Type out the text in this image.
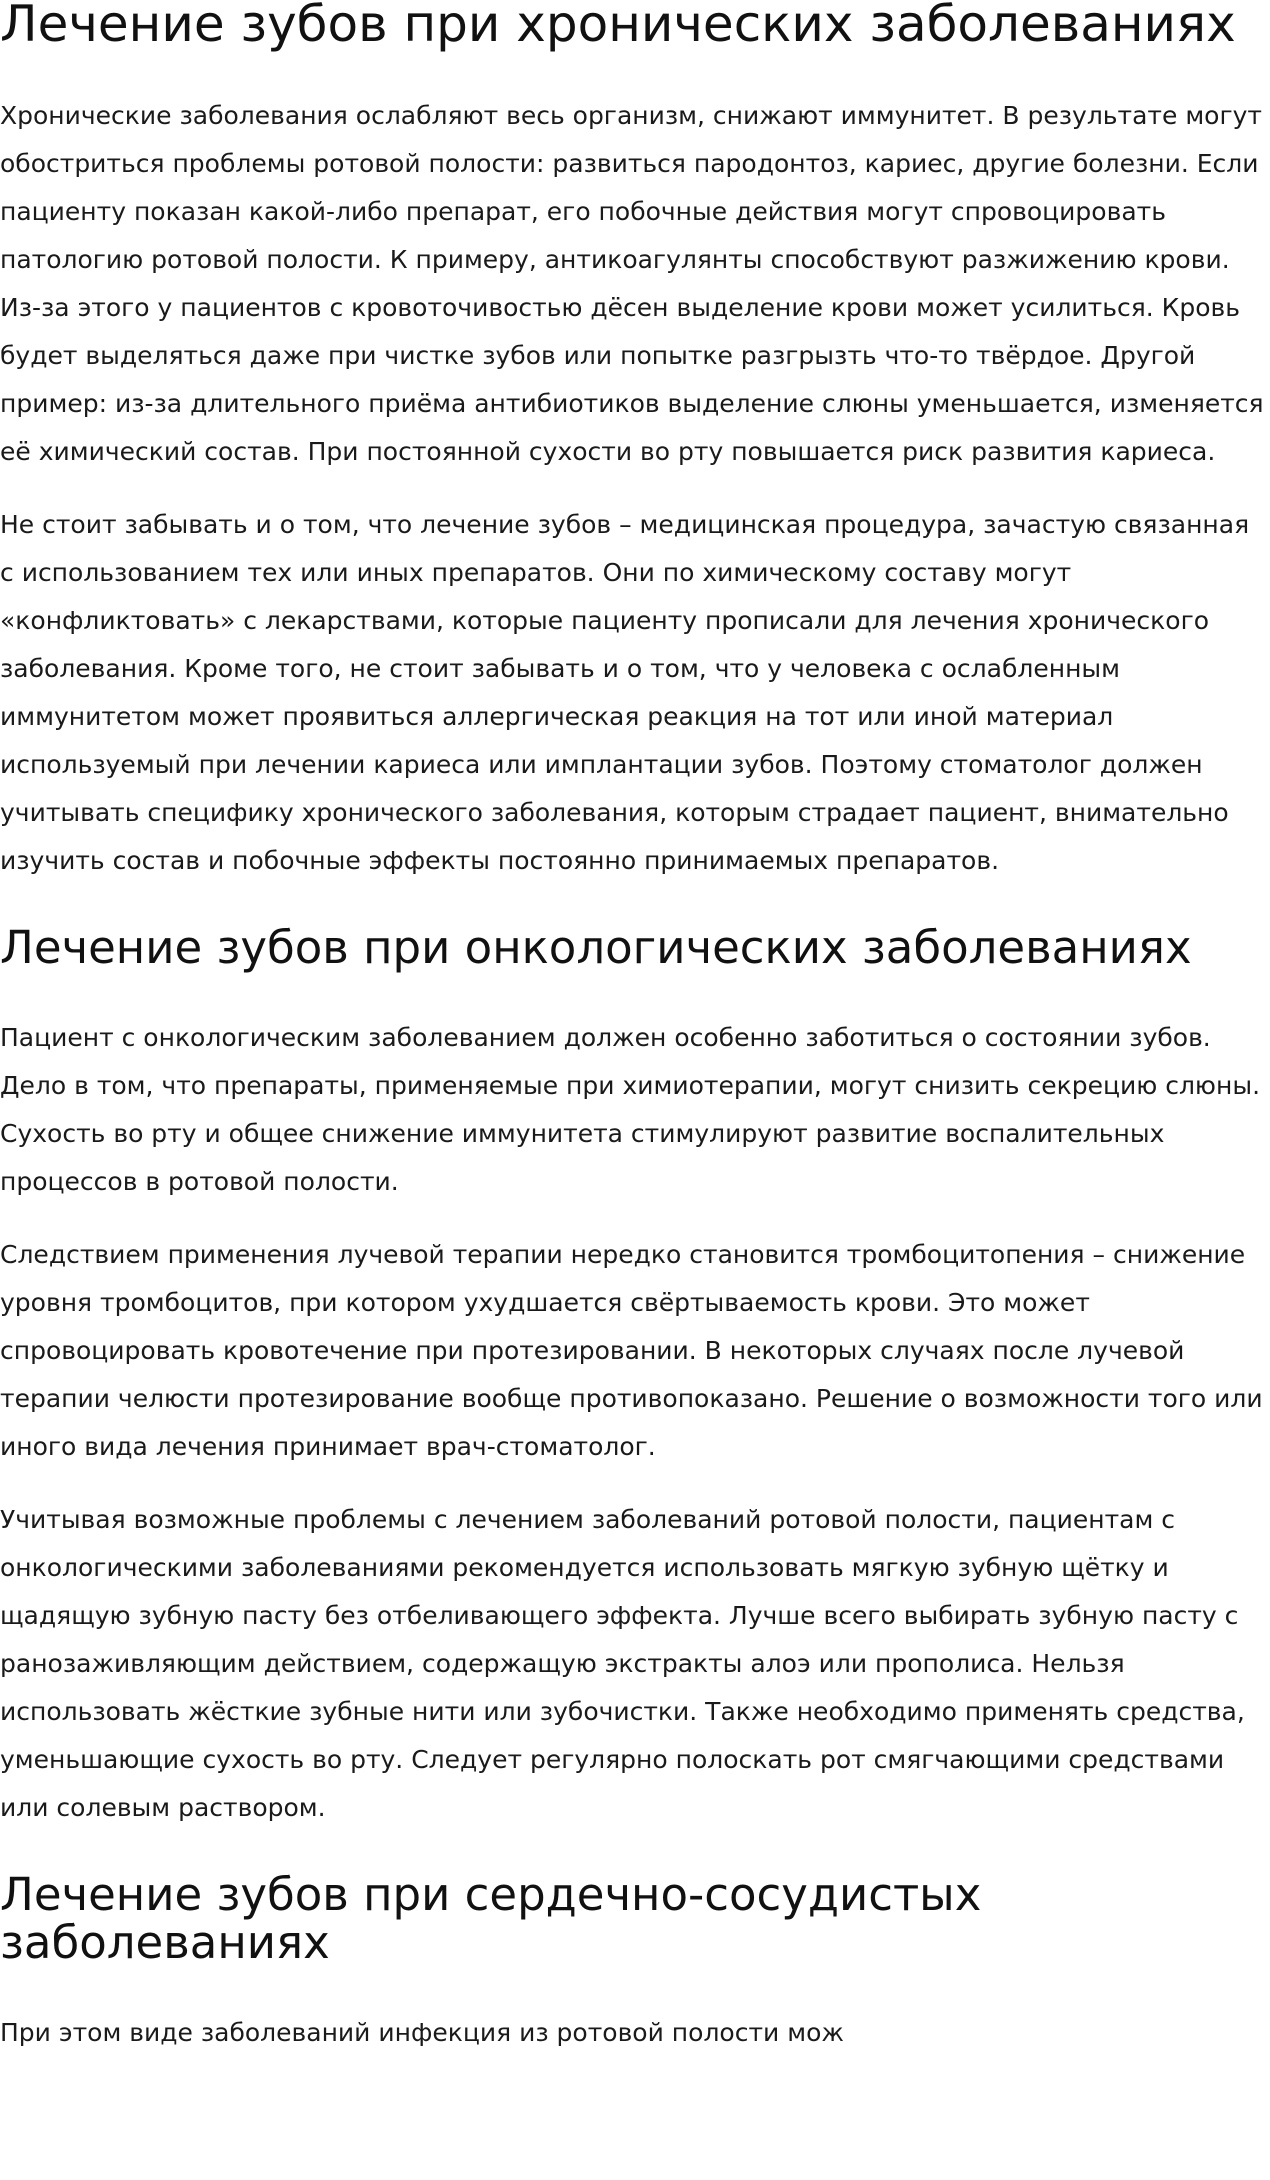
Лечение зубов при хронических заболеваниях

Хронические заболевания ослабляют весь организм, снижают иммунитет. В результате могут обостриться проблемы ротовой полости: развиться пародонтоз, кариес, другие болезни. Если пациенту показан какой-либо препарат, его побочные действия могут спровоцировать патологию ротовой полости. К примеру, антикоагулянты способствуют разжижению крови. Из-за этого у пациентов с кровоточивостью дёсен выделение крови может усилиться. Кровь будет выделяться даже при чистке зубов или попытке разгрызть что-то твёрдое. Другой пример: из-за длительного приёма антибиотиков выделение слюны уменьшается, изменяется её химический состав. При постоянной сухости во рту повышается риск развития кариеса.

Не стоит забывать и о том, что лечение зубов – медицинская процедура, зачастую связанная с использованием тех или иных препаратов. Они по химическому составу могут «конфликтовать» с лекарствами, которые пациенту прописали для лечения хронического заболевания. Кроме того, не стоит забывать и о том, что у человека с ослабленным иммунитетом может проявиться аллергическая реакция на тот или иной материал используемый при лечении кариеса или имплантации зубов. Поэтому стоматолог должен учитывать специфику хронического заболевания, которым страдает пациент, внимательно изучить состав и побочные эффекты постоянно принимаемых препаратов.

Лечение зубов при онкологических заболеваниях

Пациент с онкологическим заболеванием должен особенно заботиться о состоянии зубов. Дело в том, что препараты, применяемые при химиотерапии, могут снизить секрецию слюны. Сухость во рту и общее снижение иммунитета стимулируют развитие воспалительных процессов в ротовой полости.

Следствием применения лучевой терапии нередко становится тромбоцитопения – снижение уровня тромбоцитов, при котором ухудшается свёртываемость крови. Это может спровоцировать кровотечение при протезировании. В некоторых случаях после лучевой терапии челюсти протезирование вообще противопоказано. Решение о возможности того или иного вида лечения принимает врач-стоматолог.

Учитывая возможные проблемы с лечением заболеваний ротовой полости, пациентам с онкологическими заболеваниями рекомендуется использовать мягкую зубную щётку и щадящую зубную пасту без отбеливающего эффекта. Лучше всего выбирать зубную пасту с ранозаживляющим действием, содержащую экстракты алоэ или прополиса. Нельзя использовать жёсткие зубные нити или зубочистки. Также необходимо применять средства, уменьшающие сухость во рту. Следует регулярно полоскать рот смягчающими средствами или солевым раствором.

Лечение зубов при сердечно-сосудистых заболеваниях

При этом виде заболеваний инфекция из ротовой полости мож
